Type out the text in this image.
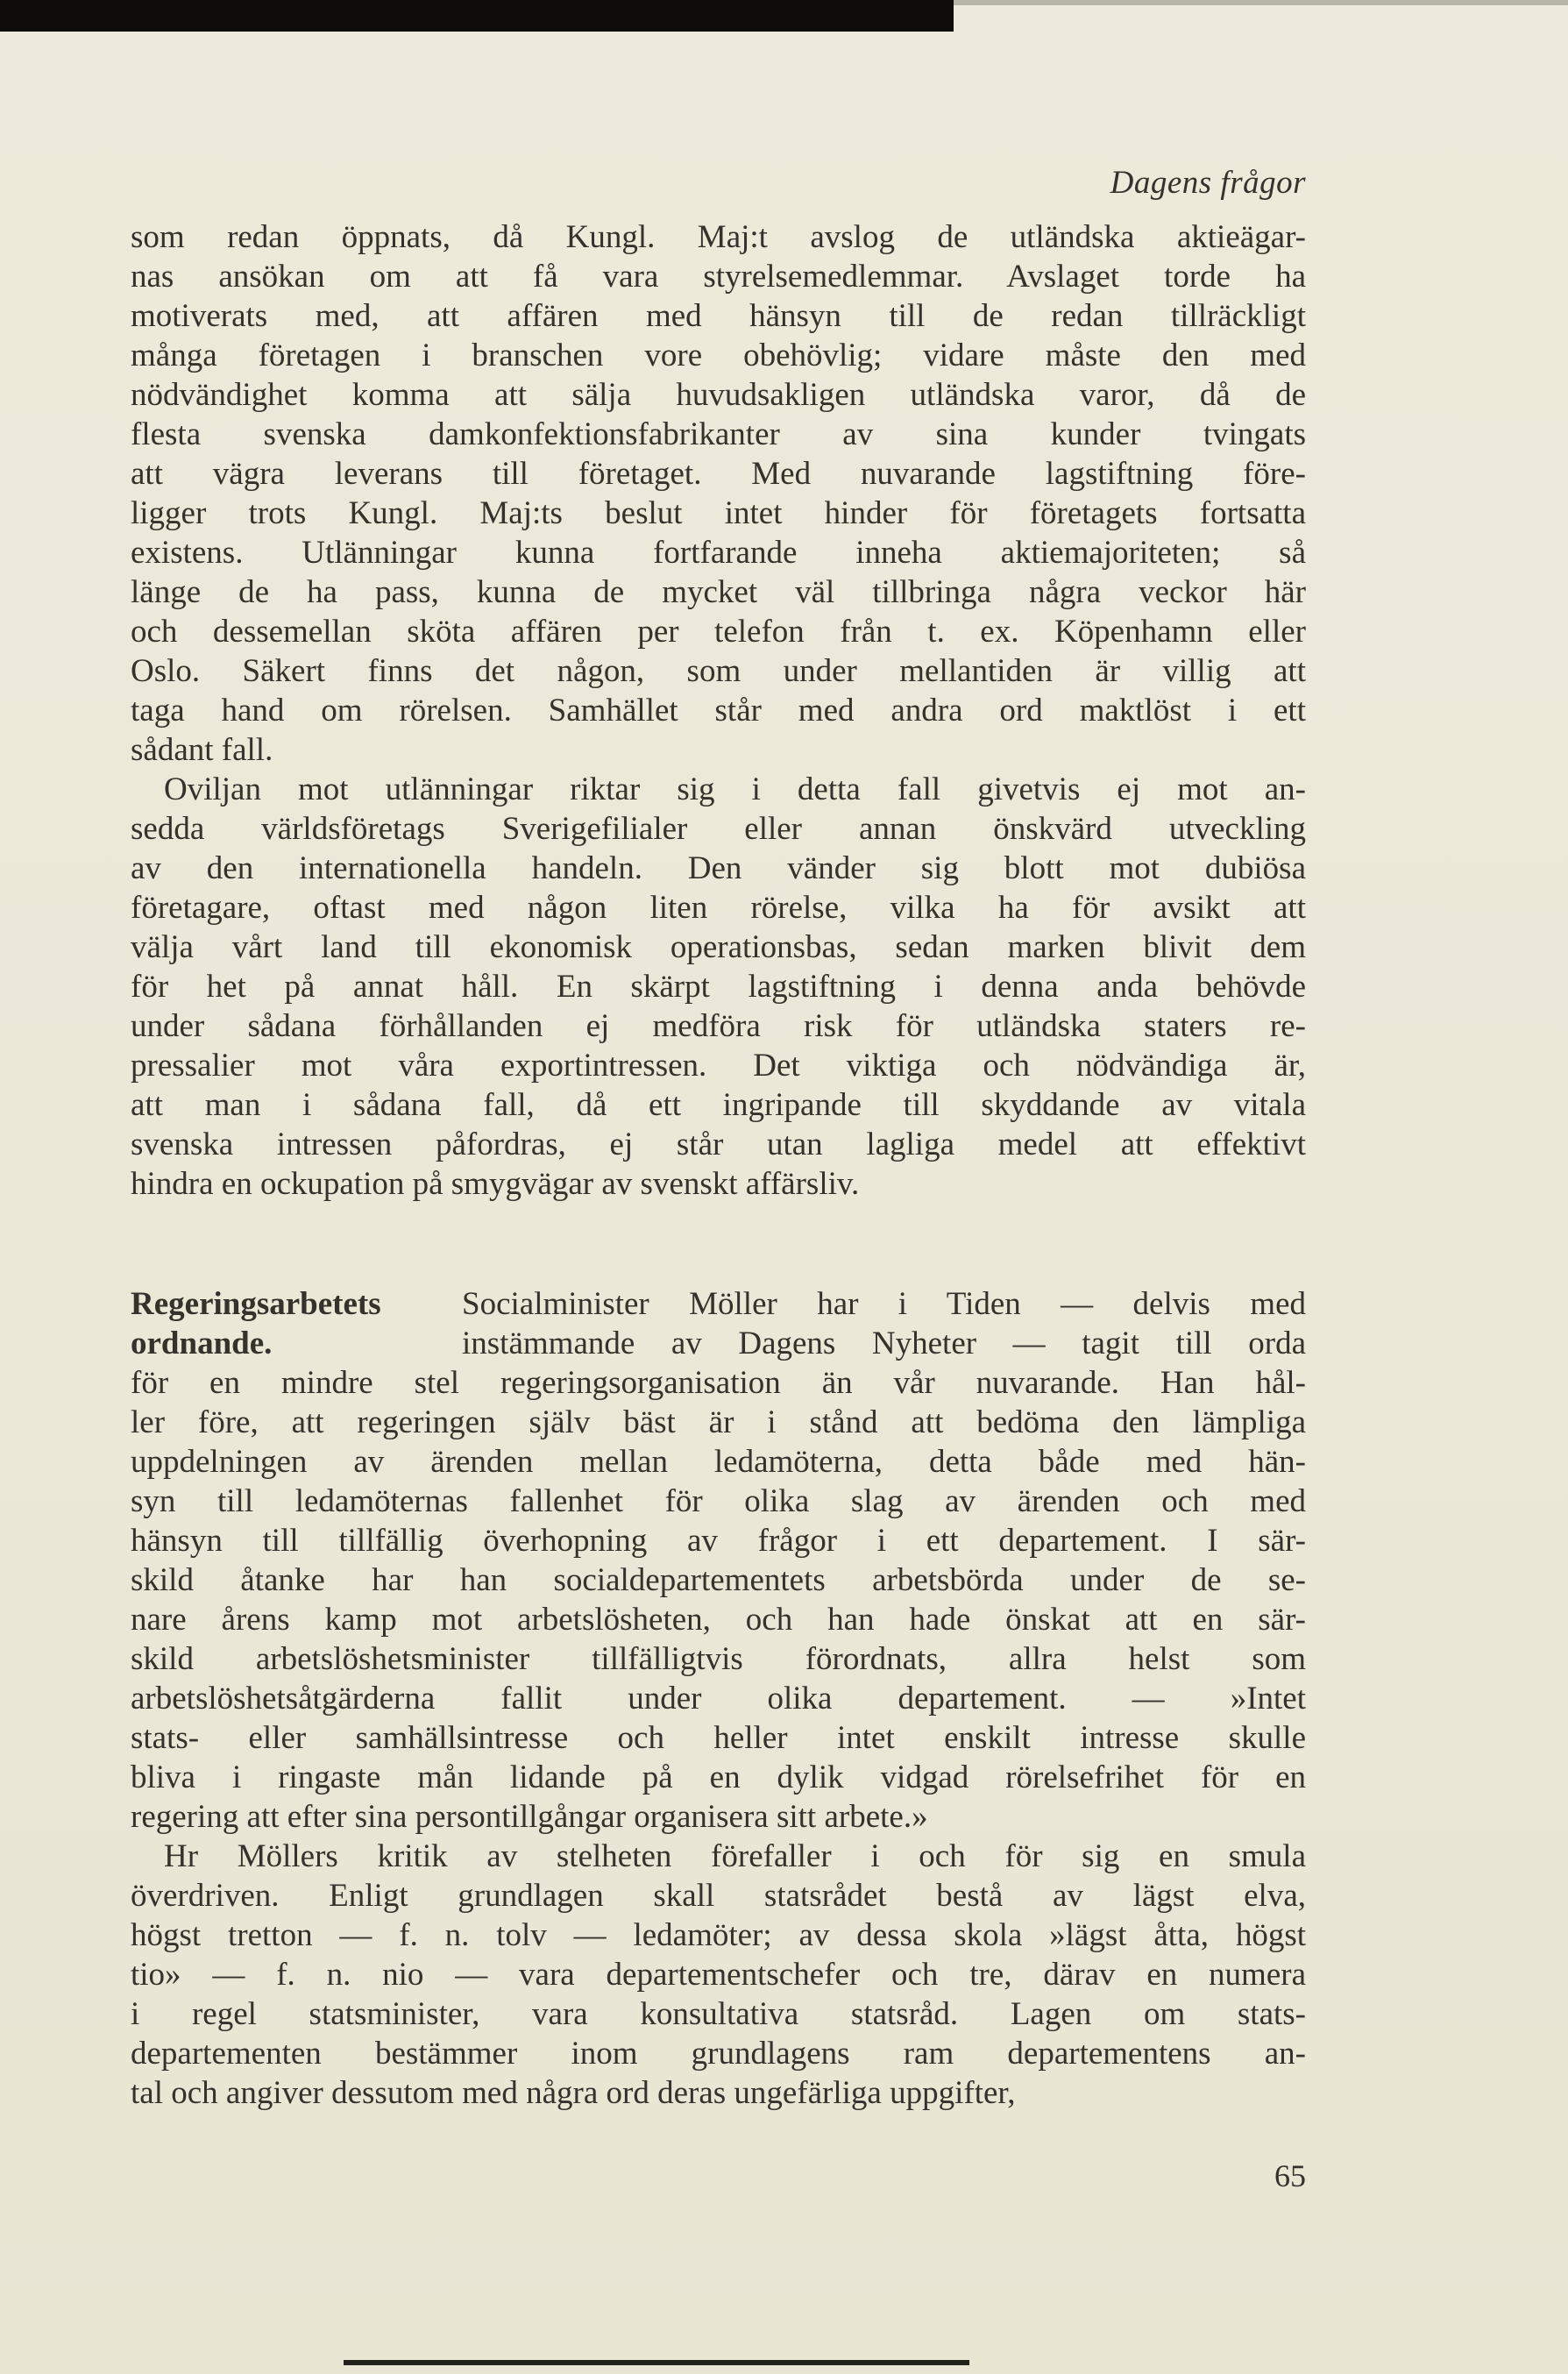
Dagens frågor
som redan öppnats, då Kungl. Maj:t avslog de utländska aktieägar-
nas ansökan om att få vara styrelsemedlemmar. Avslaget torde ha
motiverats med, att affären med hänsyn till de redan tillräckligt
många företagen i branschen vore obehövlig; vidare måste den med
nödvändighet komma att sälja huvudsakligen utländska varor, då de
flesta svenska damkonfektionsfabrikanter av sina kunder tvingats
att vägra leverans till företaget. Med nuvarande lagstiftning före-
ligger trots Kungl. Maj:ts beslut intet hinder för företagets fortsatta
existens. Utlänningar kunna fortfarande inneha aktiemajoriteten; så
länge de ha pass, kunna de mycket väl tillbringa några veckor här
och dessemellan sköta affären per telefon från t. ex. Köpenhamn eller
Oslo. Säkert finns det någon, som under mellantiden är villig att
taga hand om rörelsen. Samhället står med andra ord maktlöst i ett
sådant fall.
Oviljan mot utlänningar riktar sig i detta fall givetvis ej mot an-
sedda världsföretags Sverigefilialer eller annan önskvärd utveckling
av den internationella handeln. Den vänder sig blott mot dubiösa
företagare, oftast med någon liten rörelse, vilka ha för avsikt att
välja vårt land till ekonomisk operationsbas, sedan marken blivit dem
för het på annat håll. En skärpt lagstiftning i denna anda behövde
under sådana förhållanden ej medföra risk för utländska staters re-
pressalier mot våra exportintressen. Det viktiga och nödvändiga är,
att man i sådana fall, då ett ingripande till skyddande av vitala
svenska intressen påfordras, ej står utan lagliga medel att effektivt
hindra en ockupation på smygvägar av svenskt affärsliv.
Regeringsarbetets
ordnande.
Socialminister Möller har i Tiden — delvis med
instämmande av Dagens Nyheter — tagit till orda
för en mindre stel regeringsorganisation än vår nuvarande. Han hål-
ler före, att regeringen själv bäst är i stånd att bedöma den lämpliga
uppdelningen av ärenden mellan ledamöterna, detta både med hän-
syn till ledamöternas fallenhet för olika slag av ärenden och med
hänsyn till tillfällig överhopning av frågor i ett departement. I sär-
skild åtanke har han socialdepartementets arbetsbörda under de se-
nare årens kamp mot arbetslösheten, och han hade önskat att en sär-
skild arbetslöshetsminister tillfälligtvis förordnats, allra helst som
arbetslöshetsåtgärderna fallit under olika departement. — »Intet
stats- eller samhällsintresse och heller intet enskilt intresse skulle
bliva i ringaste mån lidande på en dylik vidgad rörelsefrihet för en
regering att efter sina persontillgångar organisera sitt arbete.»
Hr Möllers kritik av stelheten förefaller i och för sig en smula
överdriven. Enligt grundlagen skall statsrådet bestå av lägst elva,
högst tretton — f. n. tolv — ledamöter; av dessa skola »lägst åtta, högst
tio» — f. n. nio — vara departementschefer och tre, därav en numera
i regel statsminister, vara konsultativa statsråd. Lagen om stats-
departementen bestämmer inom grundlagens ram departementens an-
tal och angiver dessutom med några ord deras ungefärliga uppgifter,
65
